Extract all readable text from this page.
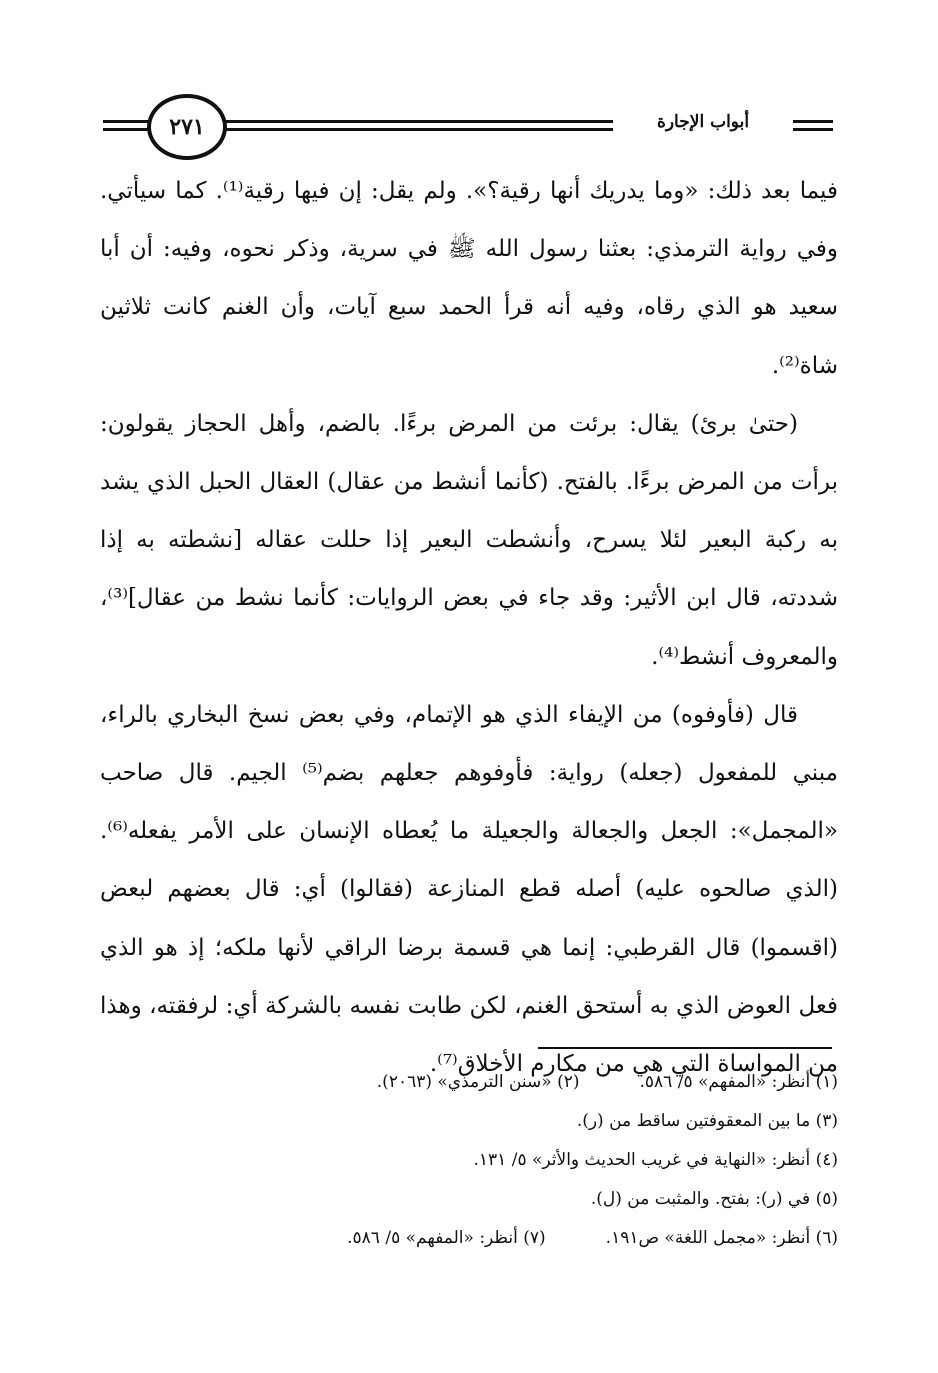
٢٧١	أبواب الإجارة

فيما بعد ذلك: «وما يدريك أنها رقية؟». ولم يقل: إن فيها رقية⁽¹⁾. كما سيأتي. وفي رواية الترمذي: بعثنا رسول الله ﷺ في سرية، وذكر نحوه، وفيه: أن أبا سعيد هو الذي رقاه، وفيه أنه قرأ الحمد سبع آيات، وأن الغنم كانت ثلاثين شاة⁽²⁾.

(حتىٰ برئ) يقال: برئت من المرض برءًا. بالضم، وأهل الحجاز يقولون: برأت من المرض برءًا. بالفتح. (كأنما أنشط من عقال) العقال الحبل الذي يشد به ركبة البعير لئلا يسرح، وأنشطت البعير إذا حللت عقاله [نشطته به إذا شددته، قال ابن الأثير: وقد جاء في بعض الروايات: كأنما نشط من عقال]⁽³⁾، والمعروف أنشط⁽⁴⁾.

قال (فأوفوه) من الإيفاء الذي هو الإتمام، وفي بعض نسخ البخاري بالراء، مبني للمفعول (جعله) رواية: فأوفوهم جعلهم بضم⁽⁵⁾ الجيم. قال صاحب «المجمل»: الجعل والجعالة والجعيلة ما يُعطاه الإنسان على الأمر يفعله⁽⁶⁾. (الذي صالحوه عليه) أصله قطع المنازعة (فقالوا) أي: قال بعضهم لبعض (اقسموا) قال القرطبي: إنما هي قسمة برضا الراقي لأنها ملكه؛ إذ هو الذي فعل العوض الذي به أستحق الغنم، لكن طابت نفسه بالشركة أي: لرفقته، وهذا من المواساة التي هي من مكارم الأخلاق⁽⁷⁾.

(١) أنظر: «المفهم» ٥/ ٥٨٦.(٢) «سنن الترمذي» (٢٠٦٣).
(٣) ما بين المعقوفتين ساقط من (ر).
(٤) أنظر: «النهاية في غريب الحديث والأثر» ٥/ ١٣١.
(٥) في (ر): بفتح. والمثبت من (ل).
(٦) أنظر: «مجمل اللغة» ص١٩١.(٧) أنظر: «المفهم» ٥/ ٥٨٦.
